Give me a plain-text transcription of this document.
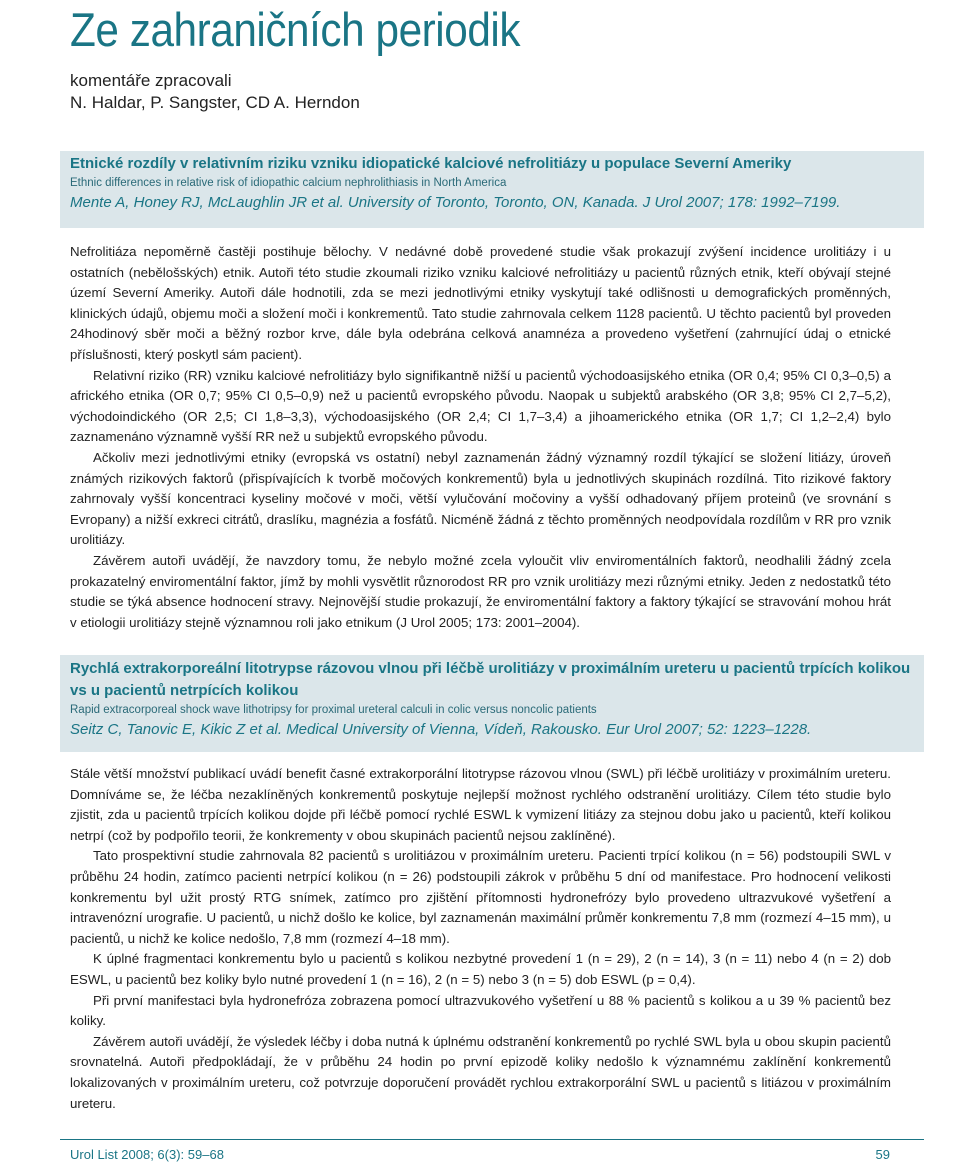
Ze zahraničních periodik
komentáře zpracovali
N. Haldar, P. Sangster, CD A. Herndon
Etnické rozdíly v relativním riziku vzniku idiopatické kalciové nefrolitiázy u populace Severní Ameriky
Ethnic differences in relative risk of idiopathic calcium nephrolithiasis in North America
Mente A, Honey RJ, McLaughlin JR et al. University of Toronto, Toronto, ON, Kanada. J Urol 2007; 178: 1992–7199.

Nefrolitiáza nepoměrně častěji postihuje bělochy. V nedávné době provedené studie však prokazují zvýšení incidence urolitiázy i u ostatních (nebělošských) etnik. Autoři této studie zkoumali riziko vzniku kalciové nefrolitiázy u pacientů různých etnik, kteří obývají stejné území Severní Ameriky. Autoři dále hodnotili, zda se mezi jednotlivými etniky vyskytují také odlišnosti u demografických proměnných, klinických údajů, objemu moči a složení moči i konkrementů. Tato studie zahrnovala celkem 1128 pacientů. U těchto pacientů byl proveden 24hodinový sběr moči a běžný rozbor krve, dále byla odebrána celková anamnéza a provedeno vyšetření (zahrnující údaj o etnické příslušnosti, který poskytl sám pacient).

Relativní riziko (RR) vzniku kalciové nefrolitiázy bylo signifikantně nižší u pacientů východoasijského etnika (OR 0,4; 95% CI 0,3–0,5) a afrického etnika (OR 0,7; 95% CI 0,5–0,9) než u pacientů evropského původu. Naopak u subjektů arabského (OR 3,8; 95% CI 2,7–5,2), východoindického (OR 2,5; CI 1,8–3,3), východoasijského (OR 2,4; CI 1,7–3,4) a jihoamerického etnika (OR 1,7; CI 1,2–2,4) bylo zaznamenáno významně vyšší RR než u subjektů evropského původu.

Ačkoliv mezi jednotlivými etniky (evropská vs ostatní) nebyl zaznamenán žádný významný rozdíl týkající se složení litiázy, úroveň známých rizikových faktorů (přispívajících k tvorbě močových konkrementů) byla u jednotlivých skupinách rozdílná. Tito rizikové faktory zahrnovaly vyšší koncentraci kyseliny močové v moči, větší vylučování močoviny a vyšší odhadovaný příjem proteinů (ve srovnání s Evropany) a nižší exkreci citrátů, draslíku, magnézia a fosfátů. Nicméně žádná z těchto proměnných neodpovídala rozdílům v RR pro vznik urolitiázy.

Závěrem autoři uvádějí, že navzdory tomu, že nebylo možné zcela vyloučit vliv enviromentálních faktorů, neodhalili žádný zcela prokazatelný enviromentální faktor, jímž by mohli vysvětlit různorodost RR pro vznik urolitiázy mezi různými etniky. Jeden z nedostatků této studie se týká absence hodnocení stravy. Nejnovější studie prokazují, že enviromentální faktory a faktory týkající se stravování mohou hrát v etiologii urolitiázy stejně významnou roli jako etnikum (J Urol 2005; 173: 2001–2004).

Rychlá extrakorporeální litotrypse rázovou vlnou při léčbě urolitiázy v proximálním ureteru u pacientů trpících kolikou vs u pacientů netrpících kolikou
Rapid extracorporeal shock wave lithotripsy for proximal ureteral calculi in colic versus noncolic patients
Seitz C, Tanovic E, Kikic Z et al. Medical University of Vienna, Vídeň, Rakousko. Eur Urol 2007; 52: 1223–1228.

Stále větší množství publikací uvádí benefit časné extrakorporální litotrypse rázovou vlnou (SWL) při léčbě urolitiázy v proximálním ureteru. Domníváme se, že léčba nezaklíněných konkrementů poskytuje nejlepší možnost rychlého odstranění urolitiázy. Cílem této studie bylo zjistit, zda u pacientů trpících kolikou dojde při léčbě pomocí rychlé ESWL k vymizení litiázy za stejnou dobu jako u pacientů, kteří kolikou netrpí (což by podpořilo teorii, že konkrementy v obou skupinách pacientů nejsou zaklíněné).

Tato prospektivní studie zahrnovala 82 pacientů s urolitiázou v proximálním ureteru. Pacienti trpící kolikou (n = 56) podstoupili SWL v průběhu 24 hodin, zatímco pacienti netrpící kolikou (n = 26) podstoupili zákrok v průběhu 5 dní od manifestace. Pro hodnocení velikosti konkrementu byl užit prostý RTG snímek, zatímco pro zjištění přítomnosti hydronefrózy bylo provedeno ultrazvukové vyšetření a intravenózní urografie. U pacientů, u nichž došlo ke kolice, byl zaznamenán maximální průměr konkrementu 7,8 mm (rozmezí 4–15 mm), u pacientů, u nichž ke kolice nedošlo, 7,8 mm (rozmezí 4–18 mm).

K úplné fragmentaci konkrementu bylo u pacientů s kolikou nezbytné provedení 1 (n = 29), 2 (n = 14), 3 (n = 11) nebo 4 (n = 2) dob ESWL, u pacientů bez koliky bylo nutné provedení 1 (n = 16), 2 (n = 5) nebo 3 (n = 5) dob ESWL (p = 0,4).

Při první manifestaci byla hydronefróza zobrazena pomocí ultrazvukového vyšetření u 88 % pacientů s kolikou a u 39 % pacientů bez koliky.

Závěrem autoři uvádějí, že výsledek léčby i doba nutná k úplnému odstranění konkrementů po rychlé SWL byla u obou skupin pacientů srovnatelná. Autoři předpokládají, že v průběhu 24 hodin po první epizodě koliky nedošlo k významnému zaklínění konkrementů lokalizovaných v proximálním ureteru, což potvrzuje doporučení provádět rychlou extrakorporální SWL u pacientů s litiázou v proximálním ureteru.

Urol List 2008; 6(3): 59–68	59
